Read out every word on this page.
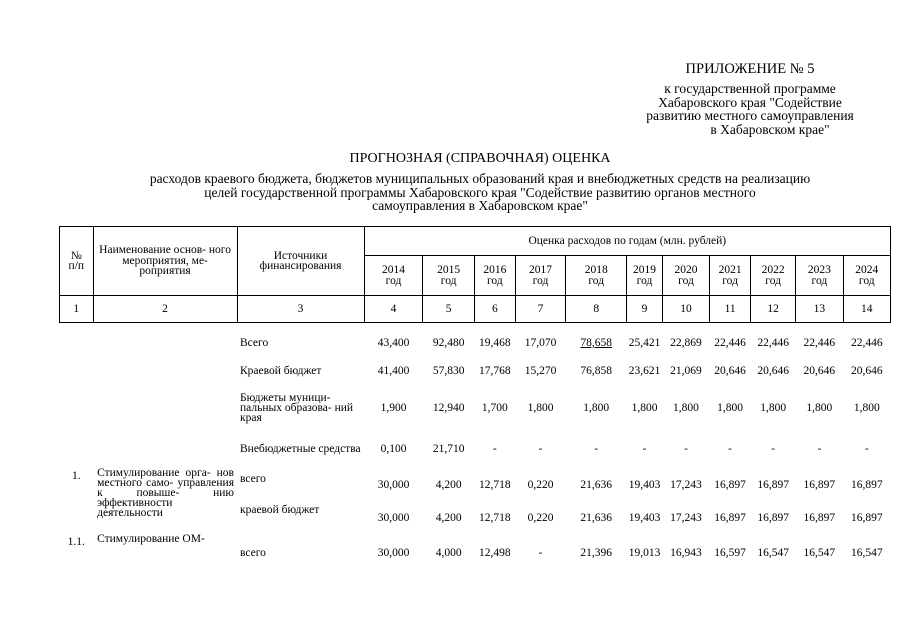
ПРИЛОЖЕНИЕ № 5
к государственной программе
Хабаровского края "Содействие
развитию местного самоуправления
в Хабаровском крае"
ПРОГНОЗНАЯ (СПРАВОЧНАЯ) ОЦЕНКА
расходов краевого бюджета, бюджетов муниципальных образований края и внебюджетных средств на реализацию
целей государственной программы Хабаровского края "Содействие развитию органов местного
самоуправления в Хабаровском крае"
№ п/п	Наименование основ- ного мероприятия, ме- роприятия	Источники финансирования	Оценка расходов по годам (млн. рублей)										

			2014
год	2015
год	2016
год	2017
год	2018
год	2019
год	2020
год	2021
год	2022
год	2023
год	2024
год

1	2	3	4	5	6	7	8	9	10	11	12	13	14

		Всего	43,400	92,480	19,468	17,070	78,658	25,421	22,869	22,446	22,446	22,446	22,446
		Краевой бюджет	41,400	57,830	17,768	15,270	76,858	23,621	21,069	20,646	20,646	20,646	20,646
		Бюджеты муници- пальных образова- ний края	1,900	12,940	1,700	1,800	1,800	1,800	1,800	1,800	1,800	1,800	1,800
		Внебюджетные средства	0,100	21,710	-	-	-	-	-	-	-	-	-
1.	Стимулирование орга- нов местного само- управления к повыше- нию эффективности деятельности	всего	30,000	4,200	12,718	0,220	21,636	19,403	17,243	16,897	16,897	16,897	16,897
		краевой бюджет	30,000	4,200	12,718	0,220	21,636	19,403	17,243	16,897	16,897	16,897	16,897
1.1.	Стимулирование ОМ-	всего	30,000	4,000	12,498	-	21,396	19,013	16,943	16,597	16,547	16,547	16,547
